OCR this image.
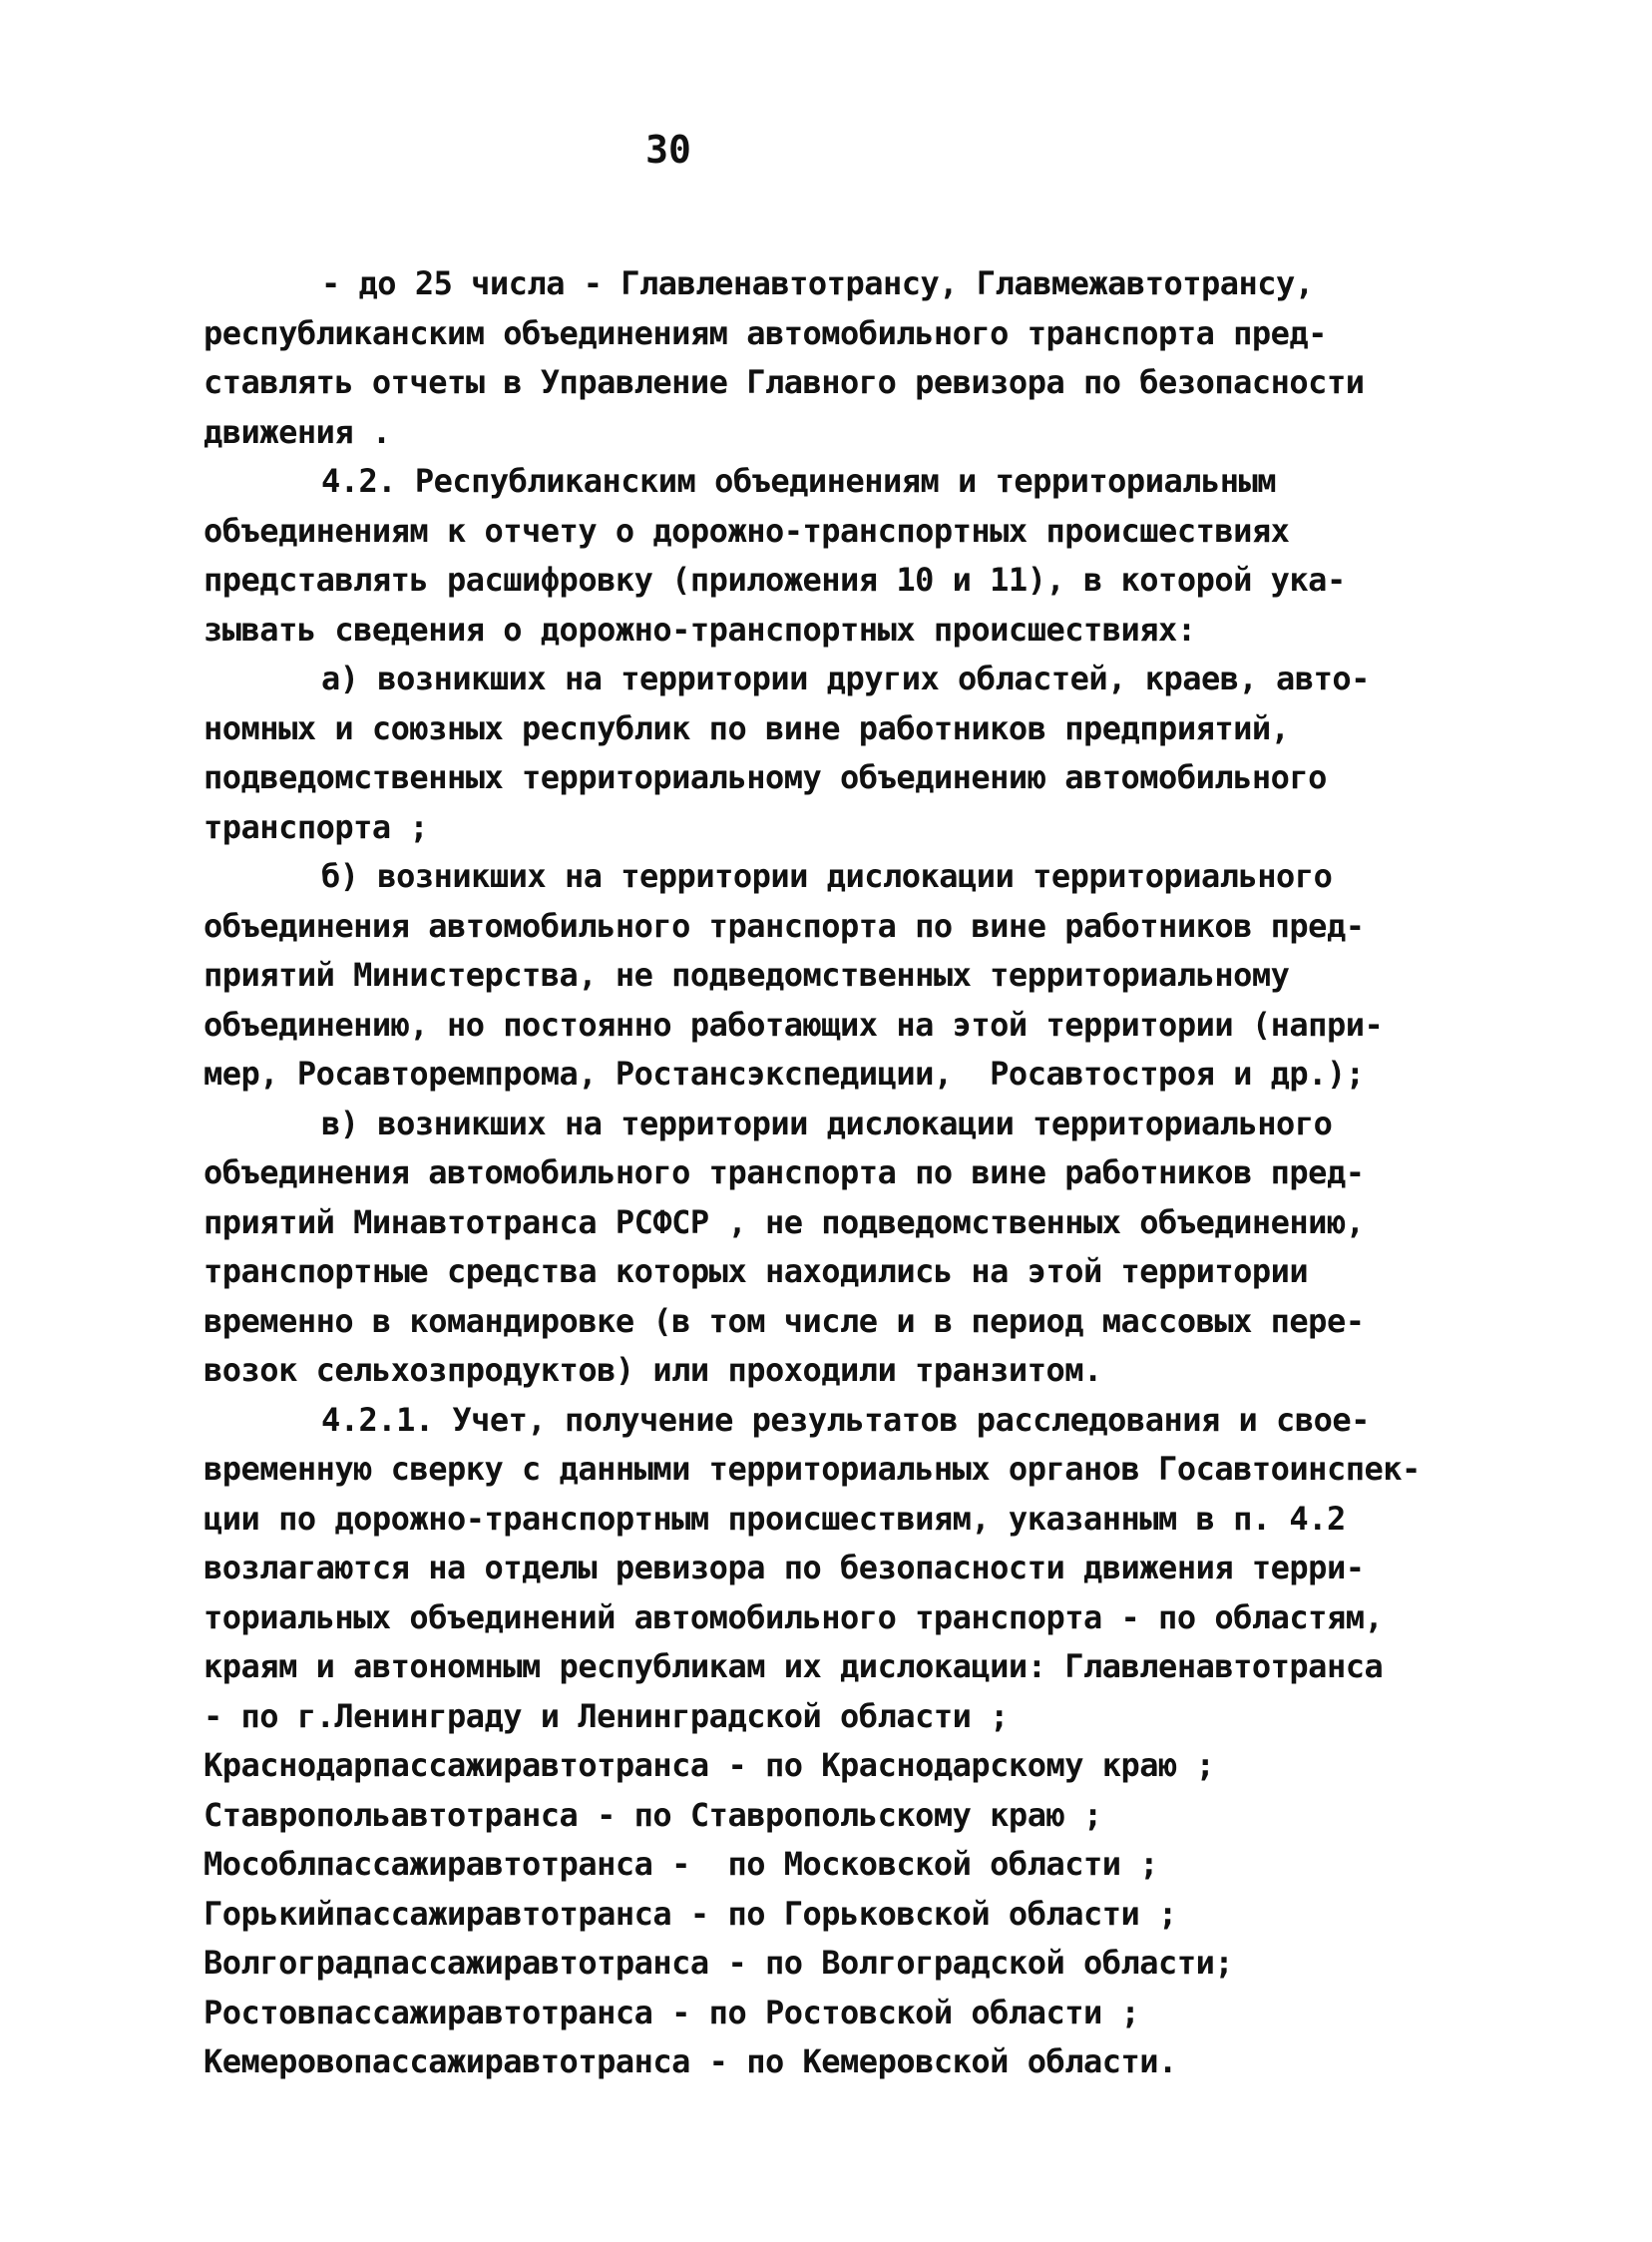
30
- до 25 числа - Главленавтотрансу, Главмежавтотрансу,
республиканским объединениям автомобильного транспорта пред-
ставлять отчеты в Управление Главного ревизора по безопасности
движения .
4.2. Республиканским объединениям и территориальным
объединениям к отчету о дорожно-транспортных происшествиях
представлять расшифровку (приложения 10 и 11), в которой ука-
зывать сведения о дорожно-транспортных происшествиях:
а) возникших на территории других областей, краев, авто-
номных и союзных республик по вине работников предприятий,
подведомственных территориальному объединению автомобильного
транспорта ;
б) возникших на территории дислокации территориального
объединения автомобильного транспорта по вине работников пред-
приятий Министерства, не подведомственных территориальному
объединению, но постоянно работающих на этой территории (напри-
мер, Росавторемпрома, Ростансэкспедиции,  Росавтостроя и др.);
в) возникших на территории дислокации территориального
объединения автомобильного транспорта по вине работников пред-
приятий Минавтотранса РСФСР , не подведомственных объединению,
транспортные средства которых находились на этой территории
временно в командировке (в том числе и в период массовых пере-
возок сельхозпродуктов) или проходили транзитом.
4.2.1. Учет, получение результатов расследования и свое-
временную сверку с данными территориальных органов Госавтоинспек-
ции по дорожно-транспортным происшествиям, указанным в п. 4.2
возлагаются на отделы ревизора по безопасности движения терри-
ториальных объединений автомобильного транспорта - по областям,
краям и автономным республикам их дислокации: Главленавтотранса
- по г.Ленинграду и Ленинградской области ;
Краснодарпассажиравтотранса - по Краснодарскому краю ;
Ставропольавтотранса - по Ставропольскому краю ;
Мособлпассажиравтотранса -  по Московской области ;
Горькийпассажиравтотранса - по Горьковской области ;
Волгоградпассажиравтотранса - по Волгоградской области;
Ростовпассажиравтотранса - по Ростовской области ;
Кемеровопассажиравтотранса - по Кемеровской области.
